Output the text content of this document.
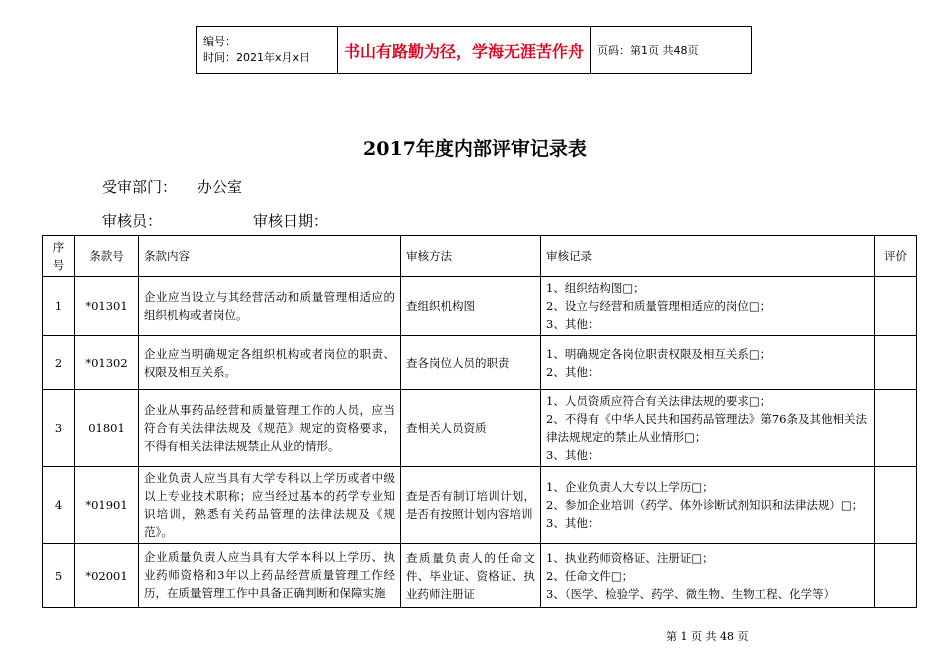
编号：
时间：2021年x月x日	书山有路勤为径，学海无涯苦作舟	页码：第1页 共48页
2017年度内部评审记录表
受审部门： 办公室
审核员：	审核日期：
序号	条款号	条款内容	审核方法	审核记录	评价
1	*01301	企业应当设立与其经营活动和质量管理相适应的组织机构或者岗位。	查组织机构图	1、组织结构图□；
2、设立与经营和质量管理相适应的岗位□；
3、其他：	

2	*01302	企业应当明确规定各组织机构或者岗位的职责、权限及相互关系。	查各岗位人员的职责	1、明确规定各岗位职责权限及相互关系□；
2、其他：	

3	01801	企业从事药品经营和质量管理工作的人员，应当符合有关法律法规及《规范》规定的资格要求，不得有相关法律法规禁止从业的情形。	查相关人员资质	1、人员资质应符合有关法律法规的要求□；
2、不得有《中华人民共和国药品管理法》第76条及其他相关法律法规规定的禁止从业情形□；
3、其他：	

4	*01901	企业负责人应当具有大学专科以上学历或者中级以上专业技术职称；应当经过基本的药学专业知识培训，熟悉有关药品管理的法律法规及《规范》。	查是否有制订培训计划，是否有按照计划内容培训	1、企业负责人大专以上学历□；
2、参加企业培训（药学、体外诊断试剂知识和法律法规）□；
3、其他：	

5	*02001	企业质量负责人应当具有大学本科以上学历、执业药师资格和3年以上药品经营质量管理工作经历，在质量管理工作中具备正确判断和保障实施	查质量负责人的任命文件、毕业证、资格证、执业药师注册证	1、执业药师资格证、注册证□；
2、任命文件□；
3、（医学、检验学、药学、微生物、生物工程、化学等）	

第 1 页 共 48 页
